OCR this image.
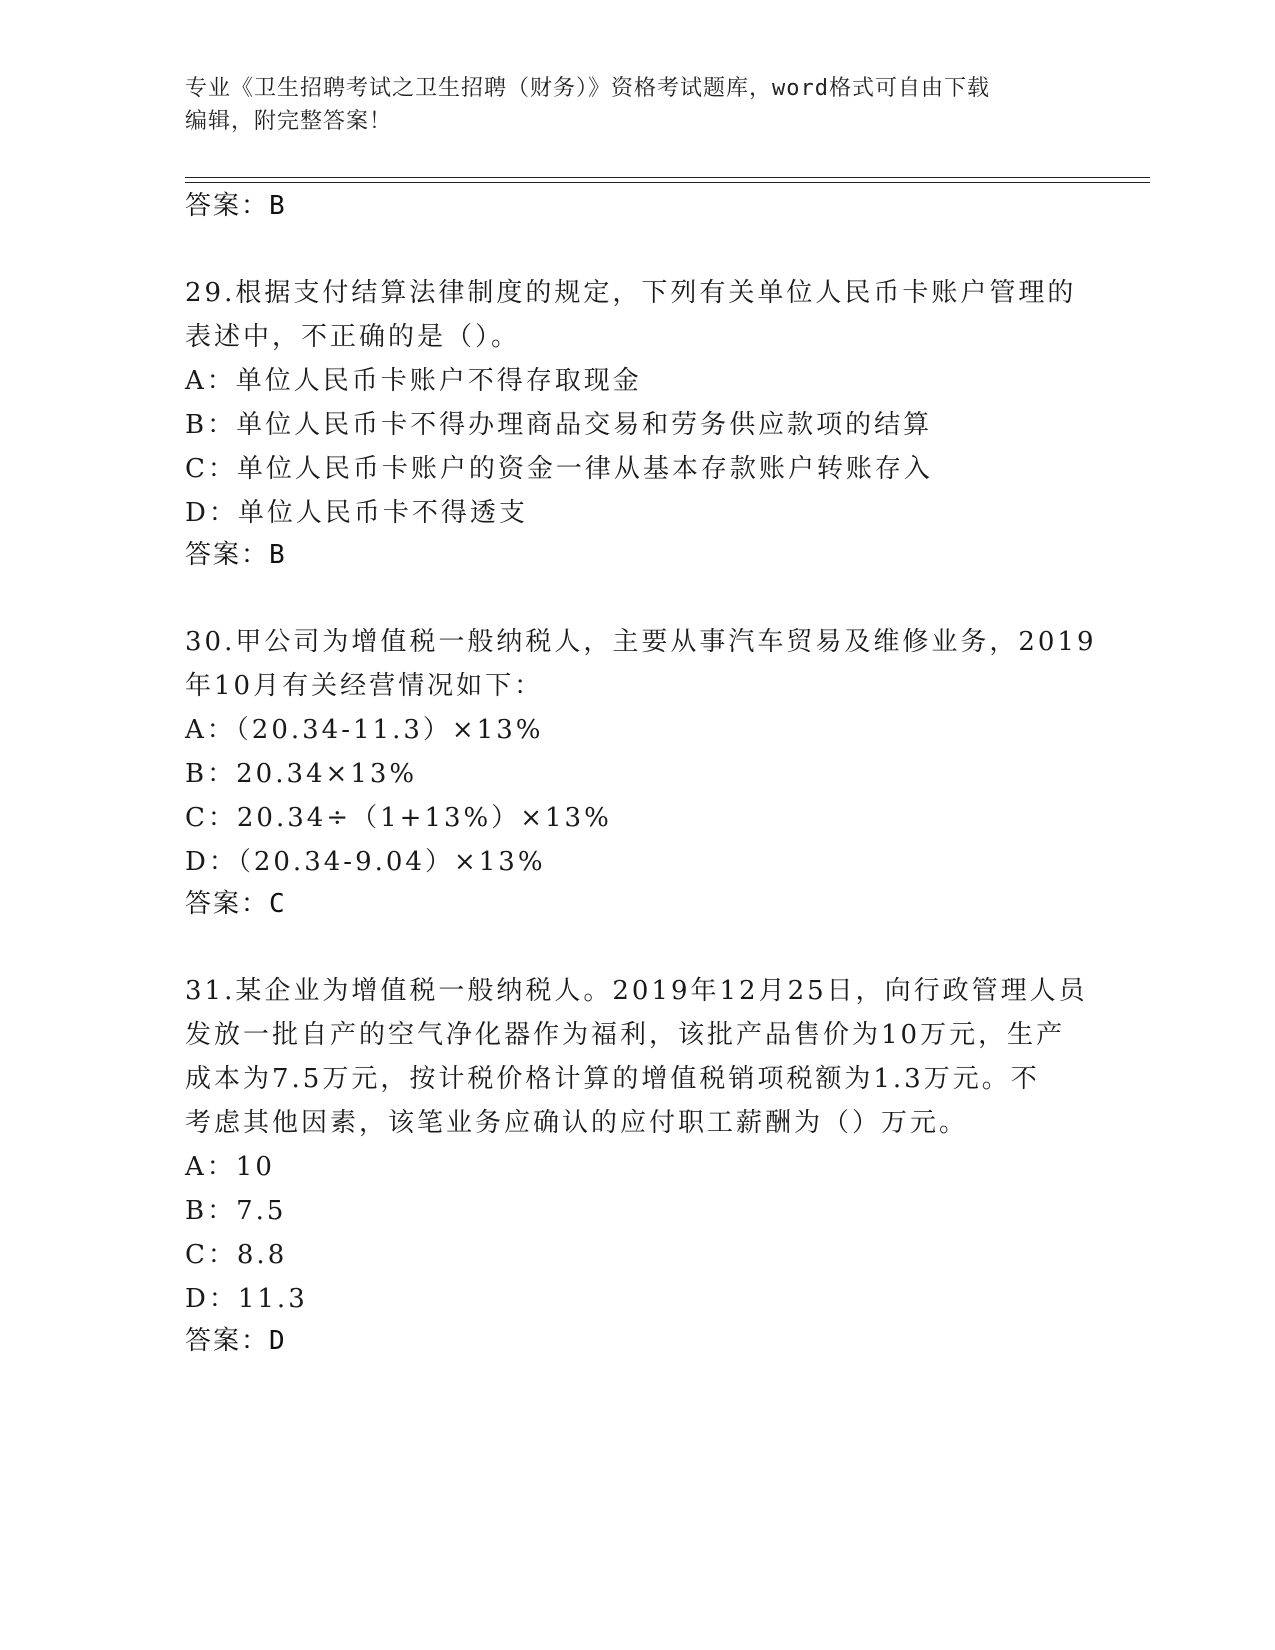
专业《卫生招聘考试之卫生招聘（财务）》资格考试题库，word格式可自由下载
编辑，附完整答案！
答案：B
29.根据支付结算法律制度的规定，下列有关单位人民币卡账户管理的
表述中，不正确的是（）。
A：单位人民币卡账户不得存取现金
B：单位人民币卡不得办理商品交易和劳务供应款项的结算
C：单位人民币卡账户的资金一律从基本存款账户转账存入
D：单位人民币卡不得透支
答案：B
30.甲公司为增值税一般纳税人，主要从事汽车贸易及维修业务，2019
年10月有关经营情况如下：
A：（20.34-11.3）×13%
B：20.34×13%
C：20.34÷（1+13%）×13%
D：（20.34-9.04）×13%
答案：C
31.某企业为增值税一般纳税人。2019年12月25日，向行政管理人员
发放一批自产的空气净化器作为福利，该批产品售价为10万元，生产
成本为7.5万元，按计税价格计算的增值税销项税额为1.3万元。不
考虑其他因素，该笔业务应确认的应付职工薪酬为（）万元。
A：10
B：7.5
C：8.8
D：11.3
答案：D
